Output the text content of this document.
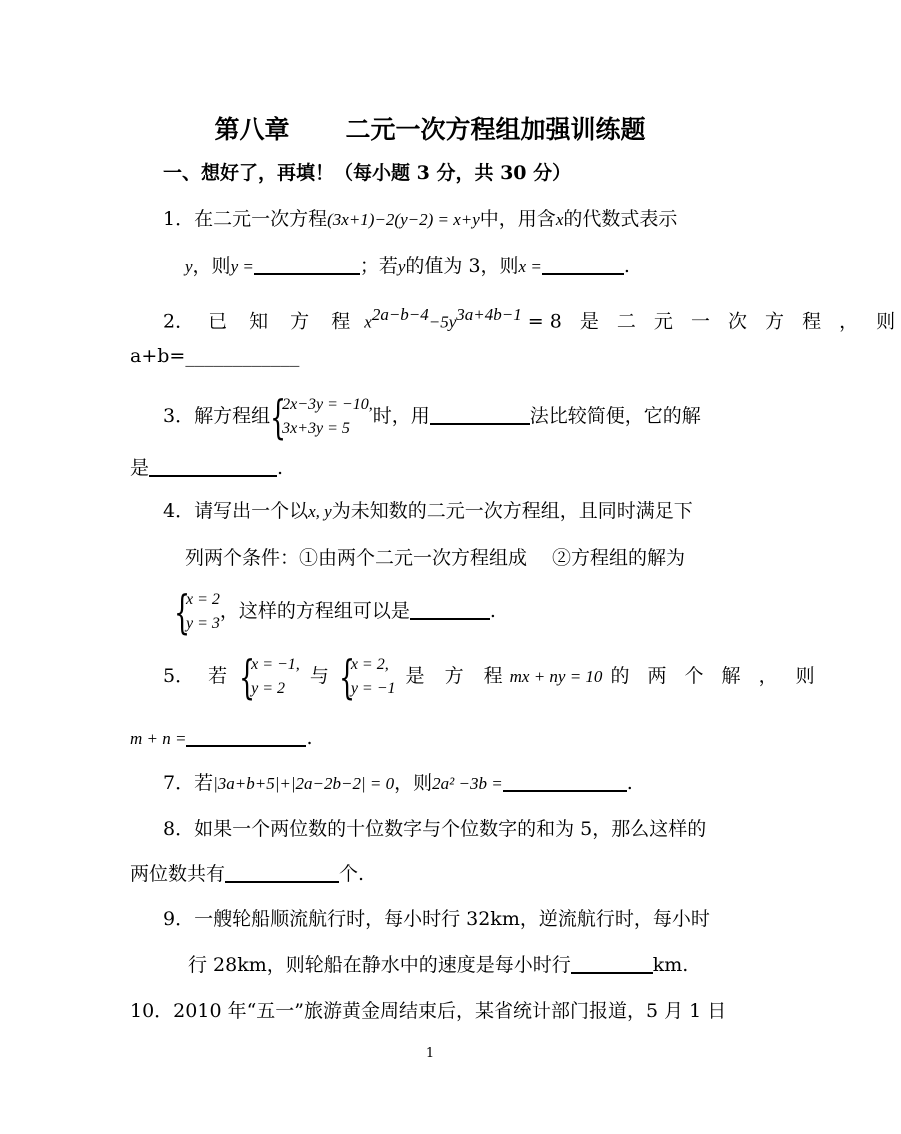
第八章 二元一次方程组加强训练题
一、想好了，再填！（每小题 3 分，共 30 分）
1．在二元一次方程(3x+1)−2(y−2) = x+y中，用含x的代数式表示
y，则y =	；若y的值为 3，则x =	.
2． 已 知 方 程 $x^{2a-b-4}-5y^{3a+4b-1} =8$ 是 二 元 一 次 方 程 ， 则
a+b=____________
3．解方程组 {
2x−3y = −10,
3x+3y = 5
时，用	法比较简便，它的解
是	.
4．请写出一个以x, y为未知数的二元一次方程组，且同时满足下
列两个条件：①由两个二元一次方程组成　 ②方程组的解为
{
x = 2
y = 3
，这样的方程组可以是	.
5． 若 {
x = −1,
y = 2
与 {
x = 2,
y = −1
是 方 程mx + ny = 10 的 两 个 解 ， 则
m + n =	.
7．若|3a+b+5|+|2a−2b−2| = 0，则2a² −3b =	.
8．如果一个两位数的十位数字与个位数字的和为 5，那么这样的
两位数共有	个.
9．一艘轮船顺流航行时，每小时行 32km，逆流航行时，每小时
行 28km，则轮船在静水中的速度是每小时行	km.
10．2010 年“五一”旅游黄金周结束后，某省统计部门报道，5 月 1 日
1
